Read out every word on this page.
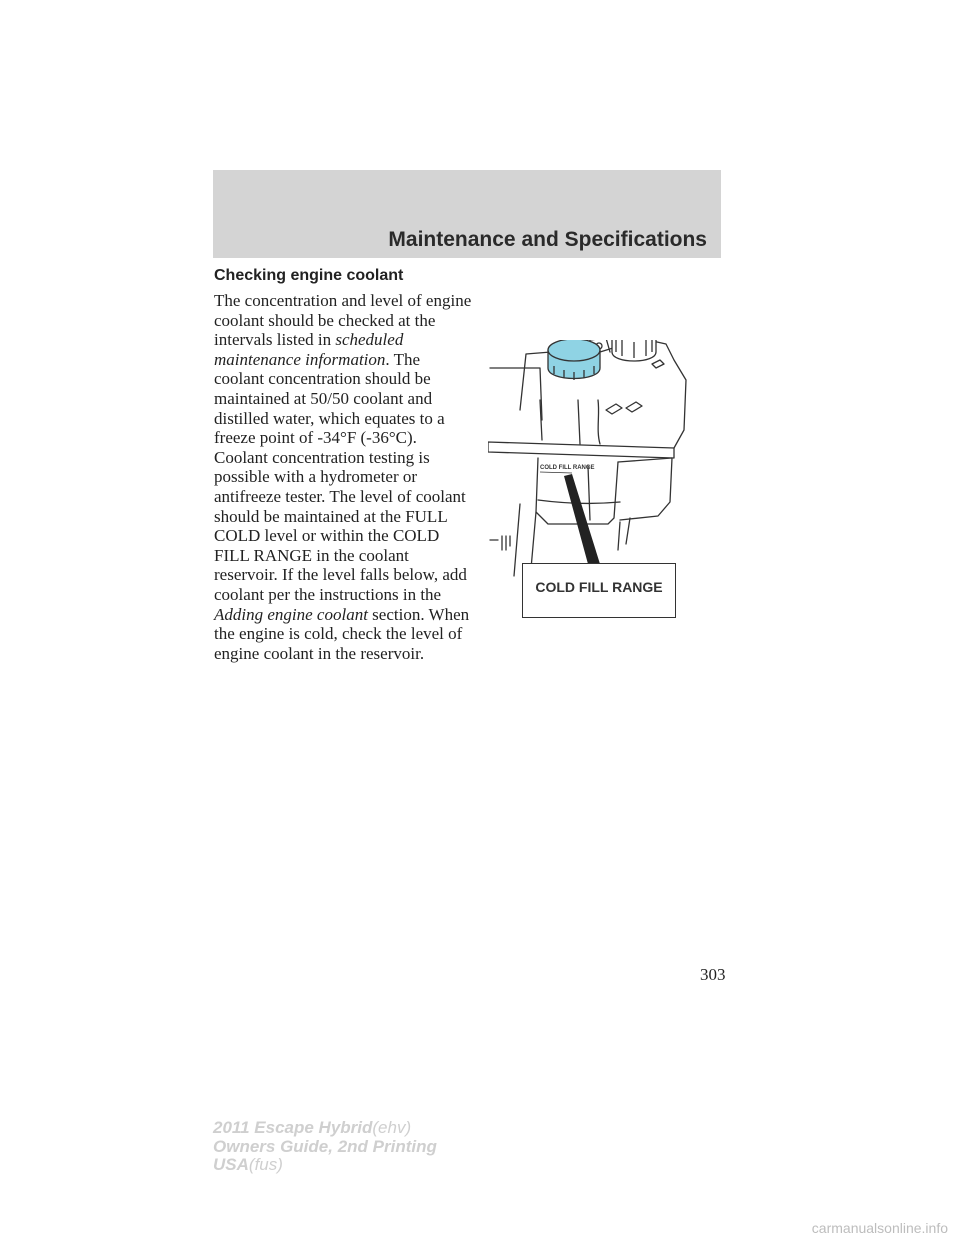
Maintenance and Specifications
Checking engine coolant
The concentration and level of engine coolant should be checked at the intervals listed in scheduled maintenance information. The coolant concentration should be maintained at 50/50 coolant and distilled water, which equates to a freeze point of -34°F (-36°C). Coolant concentration testing is possible with a hydrometer or antifreeze tester. The level of coolant should be maintained at the FULL COLD level or within the COLD FILL RANGE in the coolant reservoir. If the level falls below, add coolant per the instructions in the Adding engine coolant section. When the engine is cold, check the level of engine coolant in the reservoir.
COLD FILL RANGE
COLD FILL RANGE
303
2011 Escape Hybrid(ehv)
Owners Guide, 2nd Printing
USA(fus)
carmanualsonline.info
